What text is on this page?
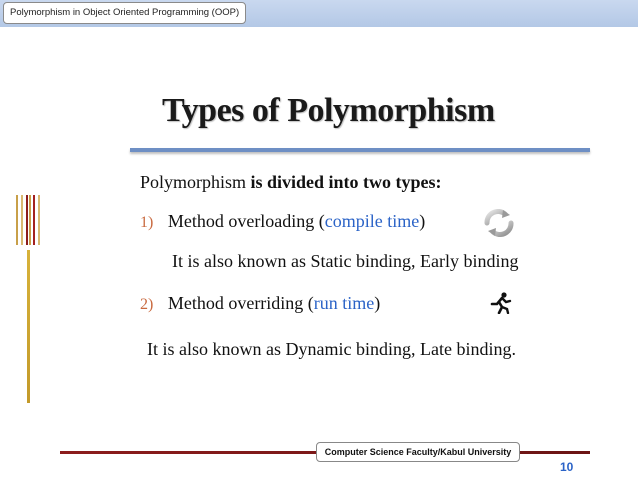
Polymorphism in Object Oriented Programming (OOP)
Types of Polymorphism
Polymorphism is divided into two types:
1) Method overloading (compile time)
It is also known as Static binding, Early binding
2) Method overriding (run time)
It is also known as Dynamic binding, Late binding.
Computer Science Faculty/Kabul University
10
